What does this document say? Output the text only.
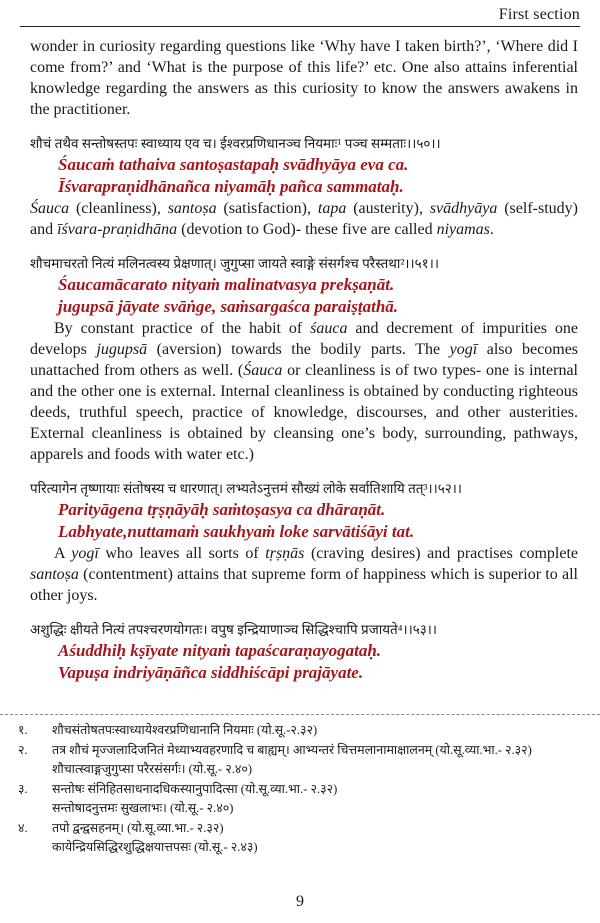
First section

wonder in curiosity regarding questions like ‘Why have I taken birth?’, ‘Where did I come from?’ and ‘What is the purpose of this life?’ etc. One also attains inferential knowledge regarding the answers as this curiosity to know the answers awakens in the practitioner.

शौचं तथैव सन्तोषस्तपः स्वाध्याय एव च। ईश्वरप्रणिधानञ्च नियमाः¹ पञ्च सम्मताः।।५०।।
Śaucaṁ tathaiva santoṣastapaḥ svādhyāya eva ca.
Īśvarapraṇidhānañca niyamāḥ pañca sammataḥ.

Śauca (cleanliness), santoṣa (satisfaction), tapa (austerity), svādhyāya (self-study) and īśvara-praṇidhāna (devotion to God)- these five are called niyamas.

शौचमाचरतो नित्यं मलिनत्वस्य प्रेक्षणात्। जुगुप्सा जायते स्वाङ्गे संसर्गश्च परैस्तथा²।।५१।।
Śaucamācarato nityaṁ malinatvasya prekṣaṇāt.
jugupsā jāyate svāṅge, saṁsargaśca paraiṣṭathā.

By constant practice of the habit of śauca and decrement of impurities one develops jugupsā (aversion) towards the bodily parts. The yogī also becomes unattached from others as well. (Śauca or cleanliness is of two types- one is internal and the other one is external. Internal cleanliness is obtained by conducting righteous deeds, truthful speech, practice of knowledge, discourses, and other austerities. External cleanliness is obtained by cleansing one’s body, surrounding, pathways, apparels and foods with water etc.)

परित्यागेन तृष्णायाः संतोषस्य च धारणात्। लभ्यतेऽनुत्तमं सौख्यं लोके सर्वातिशायि तत्³।।५२।।
Parityāgena tṛṣṇāyāḥ saṁtoṣasya ca dhāraṇāt.
Labhyate,nuttamaṁ saukhyaṁ loke sarvātiśāyi tat.

A yogī who leaves all sorts of tṛṣṇās (craving desires) and practises complete santoṣa (contentment) attains that supreme form of happiness which is superior to all other joys.

अशुद्धिः क्षीयते नित्यं तपश्चरणयोगतः। वपुष इन्द्रियाणाञ्च सिद्धिश्चापि प्रजायते⁴।।५३।।
Aśuddhiḥ kṣīyate nityaṁ tapaścaraṇayogataḥ.
Vapuṣa indriyāṇāñca siddhiścāpi prajāyate.
१.	शौचसंतोषतपःस्वाध्यायेश्वरप्रणिधानानि नियमाः (यो.सू.-२.३२)
२.	तत्र शौचं मृज्जलादिजनितं मेध्याभ्यवहरणादि च बाह्यम्। आभ्यन्तरं चित्तमलानामाक्षालनम् (यो.सू.व्या.भा.- २.३२)
शौचात्स्वाङ्गजुगुप्सा परैरसंसर्गः। (यो.सू.- २.४०)
३.	सन्तोषः संनिहितसाधनादधिकस्यानुपादित्सा (यो.सू.व्या.भा.- २.३२)
सन्तोषादनुत्तमः सुखलाभः। (यो.सू.- २.४०)
४.	तपो द्वन्द्वसहनम्। (यो.सू.व्या.भा.- २.३२)
कायेन्द्रियसिद्धिरशुद्धिक्षयात्तपसः (यो.सू.- २.४३)
9
